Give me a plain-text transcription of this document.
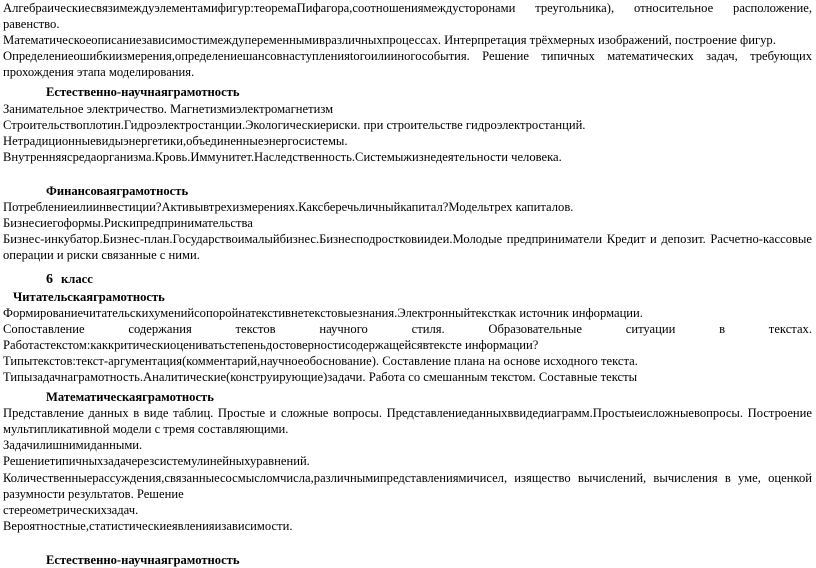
Алгебраическиесвязимеждуэлементамифигур:теоремаПифагора,соотношениямеждусторонами треугольника), относительное расположение, равенство.

Математическоеописаниезависимостимеждупеременнымивразличныхпроцессах. Интерпретация трёхмерных изображений, построение фигур.

Определениеошибкиизмерения,определениешансовнаступленияtогоилииногособытия. Решение типичных математических задач, требующих прохождения этапа моделирования.

Естественно-научнаяграмотность

Занимательное электричество. Магнетизмиэлектромагнетизм

Строительствоплотин.Гидроэлектростанции.Экологическиериски. при строительстве гидроэлектростанций.

Нетрадиционныевидыэнергетики,объединенныеэнергосистемы.

Внутренняясредаорганизма.Кровь.Иммунитет.Наследственность.Системыжизнедеятельности человека.

Финансоваяграмотность

Потреблениеилиинвестиции?Активывтрехизмерениях.Каксберечьличныйкапитал?Модельтрех капиталов.

Бизнесиегоформы.Рискипредпринимательства

Бизнес-инкубатор.Бизнес-план.Государствоималыйбизнес.Бизнесподростковиидеи.Молодые предприниматели Кредит и депозит. Расчетно-кассовые операции и риски связанные с ними.

6 класс

Читательскаяграмотность

Формированиечитательскихуменийсопоройнатекстивнетекстовыезнания.Электронныйтекcткак источник информации.

Сопоставление содержания текстов научного стиля. Образовательные ситуации в текстах.

Работастекстом:каккритическиоцениватьстепеньдостоверностисодержащейсявтексте информации?

Типытекстов:текст-аргументация(комментарий,научноеобоснование). Составление плана на основе исходного текста.

Типызадачнаграмотность.Аналитические(конструирующие)задачи. Работа со смешанным текстом. Составные тексты

Математическаяграмотность

Представление данных в виде таблиц. Простые и сложные вопросы. Представлениеданныхввидедиаграмм.Простыеисложныевопросы. Построение мультипликативной модели с тремя составляющими.

Задачилишнимиданными.

Решениетипичныхзадачерезсистемулинейныхуравнений.

Количественныерассуждения,связанныесосмысломчисла,различнымипредставлениямичисел, изящество вычислений, вычисления в уме, оценкой разумности результатов. Решение

стереометрическихзадач.

Вероятностные,статистическиеявленияизависимости.

Естественно-научнаяграмотность
